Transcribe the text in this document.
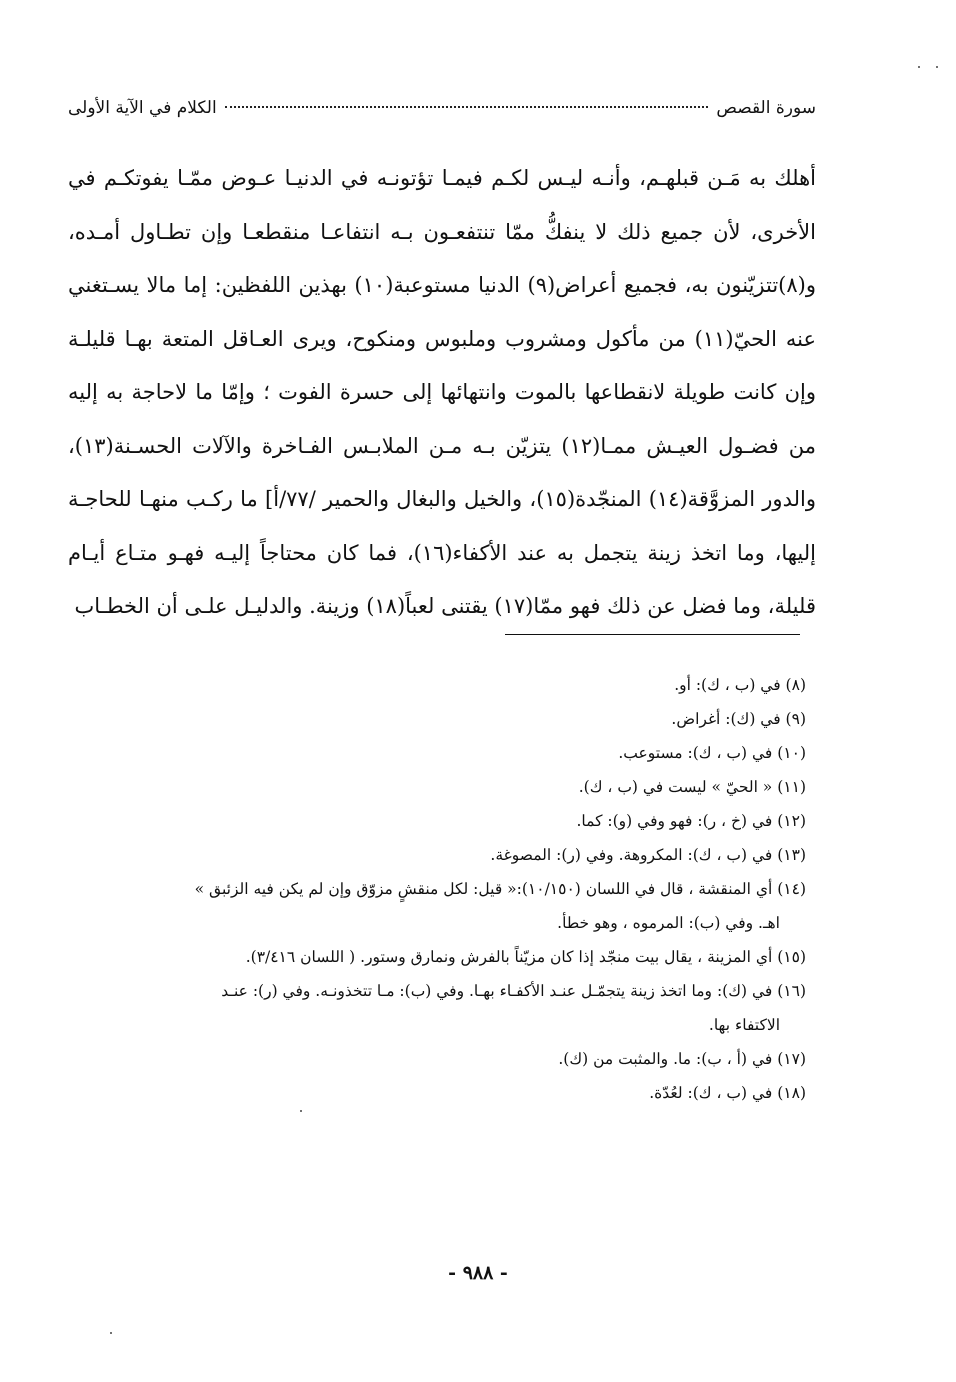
سورة القصص
الكلام في الآية الأولى

أهلك به مَـن قبلهـم، وأنـه ليـس لكـم فيمـا تؤتونـه في الدنيـا عـوض ممّـا يفوتكـم في الأخرى، لأن جميع ذلك لا ينفكُّ ممّا تنتفعـون بـه انتفاعـا منقطعـا وإن تطـاول أمـده، و(٨)تتزيّنون به، فجميع أعراض(٩) الدنيا مستوعبة(١٠) بهذين اللفظين: إما مالا يسـتغني عنه الحيّ(١١) من مأكول ومشروب وملبوس ومنكوح، ويرى العـاقل المتعة بهـا قليلـة وإن كانت طويلة لانقطاعها بالموت وانتهائها إلى حسرة الفوت ؛ وإمّا ما لاحاجة به إليه من فضـول العيـش ممـا(١٢) يتزيّن بـه مـن الملابـس الفـاخرة والآلات الحسـنة(١٣)، والدور المزوَّقة(١٤) المنجّدة(١٥)، والخيل والبغال والحمير /٧٧/أ] ما ركـب منهـا للحاجـة إليها، وما اتخذ زينة يتجمل به عند الأكفاء(١٦)، فما كان محتاجاً إليـه فهـو متـاع أيـام قليلة، وما فضل عن ذلك فهو ممّا(١٧) يقتنى لعباً(١٨) وزينة. والدليـل علـى أن الخطـاب

(٨) في (ب ، ك): أو.

(٩) في (ك): أغراض.

(١٠) في (ب ، ك): مستوعب.

(١١) « الحيّ » ليست في (ب ، ك).

(١٢) في (خ ، ر): فهو وفي (و): كما.

(١٣) في (ب ، ك): المكروهة. وفي (ر): المصوغة.

(١٤) أي المنقشة ، قال في اللسان (١٠/١٥٠):« قيل: لكل منقشٍ مزوّق وإن لم يكن فيه الزئبق »

اهـ. وفي (ب): المرموه ، وهو خطأ.

(١٥) أي المزينة ، يقال بيت منجّد إذا كان مزيّناً بالفرش ونمارق وستور. ( اللسان ٣/٤١٦).

(١٦) في (ك): وما اتخذ زينة يتجمّـل عنـد الأكفـاء بهـا. وفي (ب): مـا تتخذونـه. وفي (ر): عنـد

الاكتفاء بها.

(١٧) في (أ ، ب): ما. والمثبت من (ك).

(١٨) في (ب ، ك): لعُدّة.

- ٩٨٨ -
